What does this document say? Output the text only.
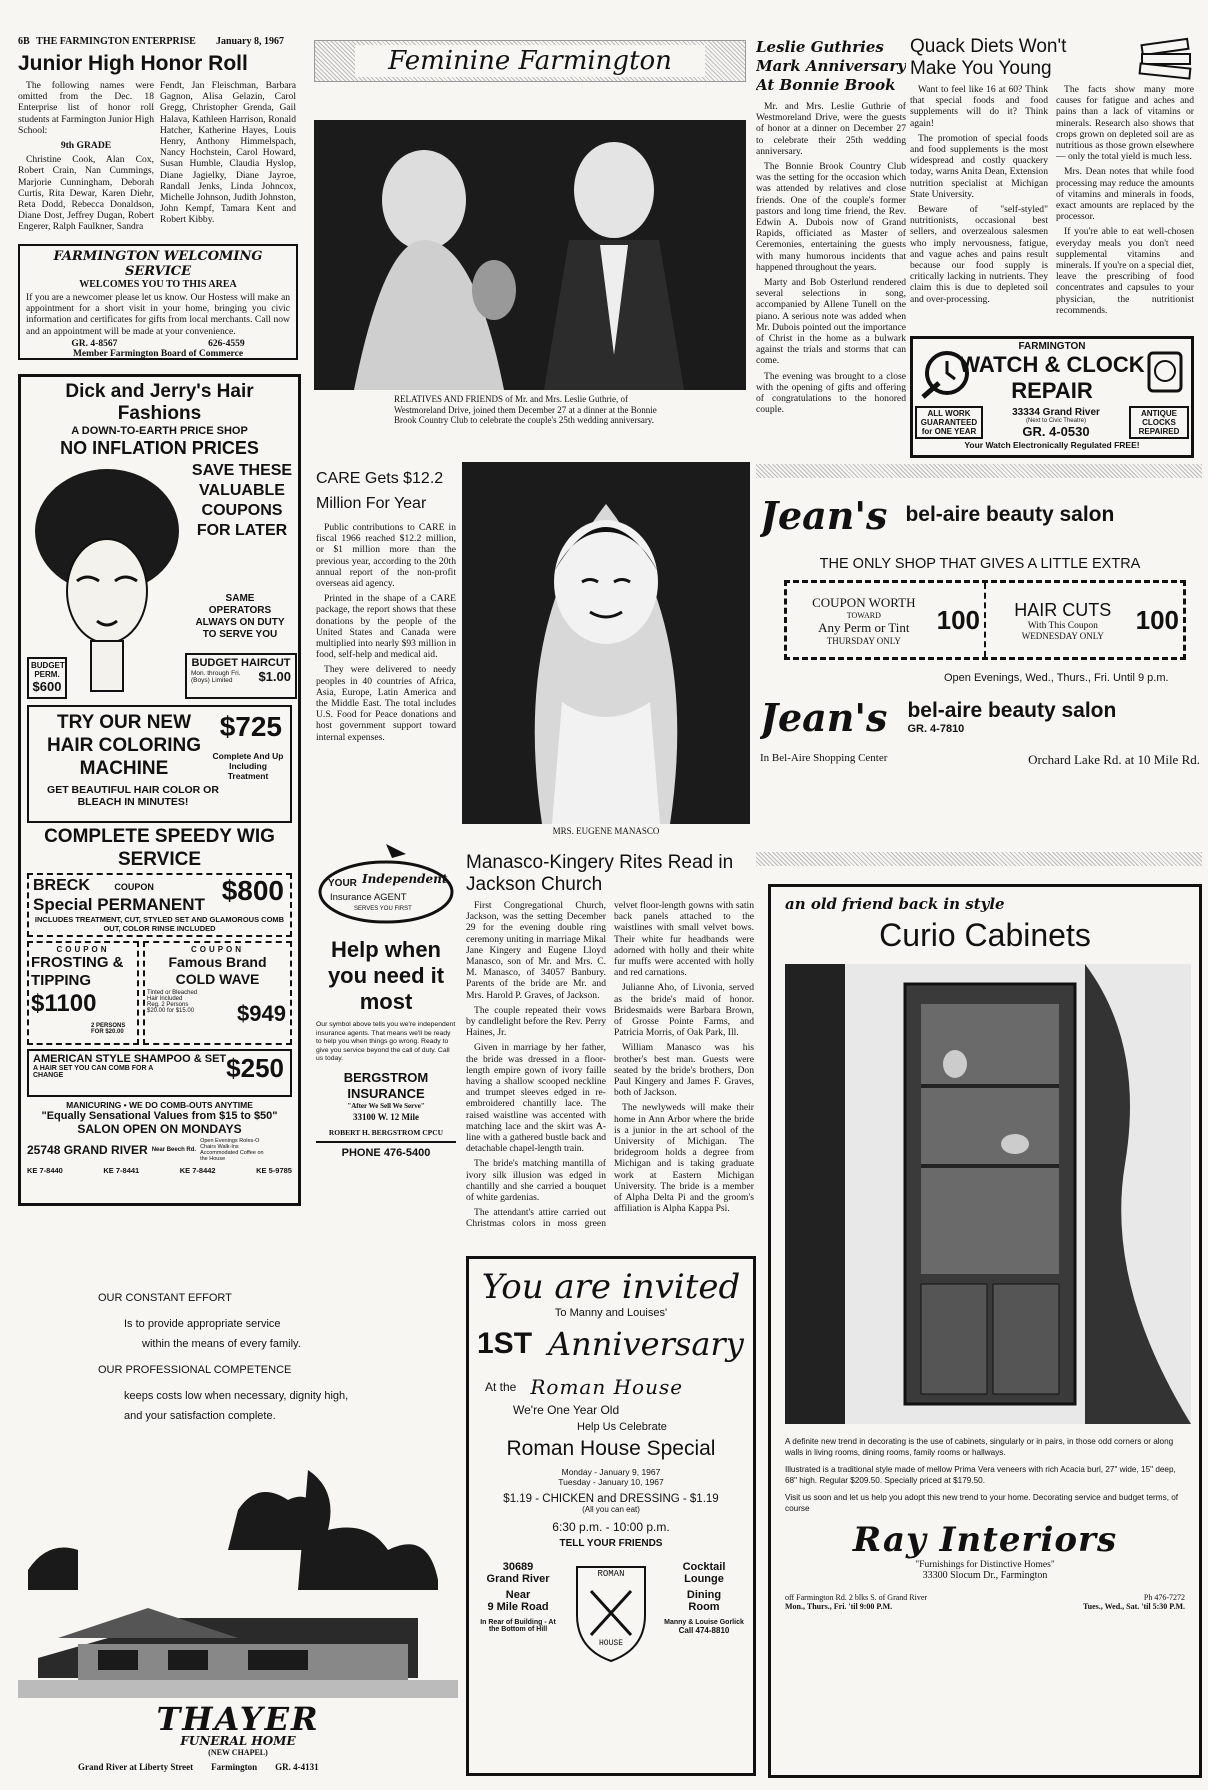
6B THE FARMINGTON ENTERPRISE January 8, 1967
Junior High Honor Roll

The following names were omitted from the Dec. 18 Enterprise list of honor roll students at Farmington Junior High School:

9th GRADE

Christine Cook, Alan Cox, Robert Crain, Nan Cummings, Marjorie Cunningham, Deborah Curtis, Rita Dewar, Karen Diehr, Reta Dodd, Rebecca Donaldson, Diane Dost, Jeffrey Dugan, Robert Engerer, Ralph Faulkner, Sandra

Fendt, Jan Fleischman, Barbara Gagnon, Alisa Gelazin, Carol Gregg, Christopher Grenda, Gail Halava, Kathleen Harrison, Ronald Hatcher, Katherine Hayes, Louis Henry, Anthony Himmelspach, Nancy Hochstein, Carol Howard, Susan Humble, Claudia Hyslop, Diane Jagielky, Diane Jayroe, Randall Jenks, Linda Johncox, Michelle Johnson, Judith Johnston, John Kempf, Tamara Kent and Robert Kibby.

FARMINGTON WELCOMING SERVICE
WELCOMES YOU TO THIS AREA
If you are a newcomer please let us know. Our Hostess will make an appointment for a short visit in your home, bringing you civic information and certificates for gifts from local merchants. Call now and an appointment will be made at your convenience.
GR. 4-8567	626-4559
Member Farmington Board of Commerce
Dick and Jerry's Hair Fashions
A DOWN-TO-EARTH PRICE SHOP
NO INFLATION PRICES
SAVE THESE VALUABLE COUPONS FOR LATER
SAME OPERATORS ALWAYS ON DUTY TO SERVE YOU
BUDGET PERM.
$600
BUDGET HAIRCUT
Mon. through Fri. (Boys) Limited	$1.00
TRY OUR NEW HAIR COLORING MACHINE
$725
Complete And Up Including Treatment
GET BEAUTIFUL HAIR COLOR OR BLEACH IN MINUTES!
COMPLETE SPEEDY WIG SERVICE
BRECK	COUPON
Special PERMANENT $800
INCLUDES TREATMENT, CUT, STYLED SET AND GLAMOROUS COMB OUT, COLOR RINSE INCLUDED
COUPON
FROSTING & TIPPING
$1100
2 PERSONS FOR $20.00
COUPON
Famous Brand COLD WAVE
Tinted or Bleached Hair Included
Reg. 2 Persons $20.00 for $15.00	$949
AMERICAN STYLE SHAMPOO & SET
A HAIR SET YOU CAN COMB FOR A CHANGE	$250
MANICURING • WE DO COMB-OUTS ANYTIME
"Equally Sensational Values from $15 to $50"
SALON OPEN ON MONDAYS
25748 GRAND RIVER Near Beech Rd.
Open Evenings Roles-O Chairs Walk-Ins Accommodated Coffee on the House
KE 7-8440	KE 7-8441	KE 7-8442	KE 5-9785
Feminine Farmington
RELATIVES AND FRIENDS of Mr. and Mrs. Leslie Guthrie, of Westmoreland Drive, joined them December 27 at a dinner at the Bonnie Brook Country Club to celebrate the couple's 25th wedding anniversary.
Leslie Guthries Mark Anniversary At Bonnie Brook

Mr. and Mrs. Leslie Guthrie of Westmoreland Drive, were the guests of honor at a dinner on December 27 to celebrate their 25th wedding anniversary.

The Bonnie Brook Country Club was the setting for the occasion which was attended by relatives and close friends. One of the couple's former pastors and long time friend, the Rev. Edwin A. Dubois now of Grand Rapids, officiated as Master of Ceremonies, entertaining the guests with many humorous incidents that happened throughout the years.

Marty and Bob Osterlund rendered several selections in song, accompanied by Allene Tunell on the piano. A serious note was added when Mr. Dubois pointed out the importance of Christ in the home as a bulwark against the trials and storms that can come.

The evening was brought to a close with the opening of gifts and offering of congratulations to the honored couple.

Quack Diets Won't Make You Young

Want to feel like 16 at 60? Think that special foods and food supplements will do it? Think again!

The promotion of special foods and food supplements is the most widespread and costly quackery today, warns Anita Dean, Extension nutrition specialist at Michigan State University.

Beware of "self-styled" nutritionists, occasional best sellers, and overzealous salesmen who imply nervousness, fatigue, and vague aches and pains result because our food supply is critically lacking in nutrients. They claim this is due to depleted soil and over-processing.

The facts show many more causes for fatigue and aches and pains than a lack of vitamins or minerals. Research also shows that crops grown on depleted soil are as nutritious as those grown elsewhere — only the total yield is much less.

Mrs. Dean notes that while food processing may reduce the amounts of vitamins and minerals in foods, exact amounts are replaced by the processor.

If you're able to eat well-chosen everyday meals you don't need supplemental vitamins and minerals. If you're on a special diet, leave the prescribing of food concentrates and capsules to your physician, the nutritionist recommends.

FARMINGTON
WATCH & CLOCK REPAIR
ALL WORK GUARANTEED for ONE YEAR
33334 Grand River
(Next to Civic Theatre)
GR. 4-0530
ANTIQUE CLOCKS REPAIRED
Your Watch Electronically Regulated FREE!
CARE Gets $12.2 Million For Year

Public contributions to CARE in fiscal 1966 reached $12.2 million, or $1 million more than the previous year, according to the 20th annual report of the non-profit overseas aid agency.

Printed in the shape of a CARE package, the report shows that these donations by the people of the United States and Canada were multiplied into nearly $93 million in food, self-help and medical aid.

They were delivered to needy peoples in 40 countries of Africa, Asia, Europe, Latin America and the Middle East. The total includes U.S. Food for Peace donations and host government support toward internal expenses.

MRS. EUGENE MANASCO
Jean's bel-aire beauty salon
THE ONLY SHOP THAT GIVES A LITTLE EXTRA
COUPON WORTH
TOWARD
Any Perm or Tint
THURSDAY ONLY
100	HAIR CUTS
With This Coupon
WEDNESDAY ONLY
100
Open Evenings, Wed., Thurs., Fri. Until 9 p.m.
Jean's bel-aire beauty salon
GR. 4-7810
In Bel-Aire Shopping Center	Orchard Lake Rd. at 10 Mile Rd.
YOUR Independent
Insurance AGENT
SERVES YOU FIRST
Help when you need it most
Our symbol above tells you we're independent insurance agents. That means we'll be ready to help you when things go wrong. Ready to give you service beyond the call of duty. Call us today.
BERGSTROM INSURANCE
"After We Sell We Serve"
33100 W. 12 Mile
ROBERT H. BERGSTROM CPCU
PHONE 476-5400
Manasco-Kingery Rites Read in Jackson Church

First Congregational Church, Jackson, was the setting December 29 for the evening double ring ceremony uniting in marriage Mikal Jane Kingery and Eugene Lloyd Manasco, son of Mr. and Mrs. C. M. Manasco, of 34057 Banbury. Parents of the bride are Mr. and Mrs. Harold P. Graves, of Jackson.

The couple repeated their vows by candlelight before the Rev. Perry Haines, Jr.

Given in marriage by her father, the bride was dressed in a floor-length empire gown of ivory faille having a shallow scooped neckline and trumpet sleeves edged in re-embroidered chantilly lace. The raised waistline was accented with matching lace and the skirt was A-line with a gathered bustle back and detachable chapel-length train.

The bride's matching mantilla of ivory silk illusion was edged in chantilly and she carried a bouquet of white gardenias.

The attendant's attire carried out Christmas colors in moss green velvet floor-length gowns with satin back panels attached to the waistlines with small velvet bows. Their white fur headbands were adorned with holly and their white fur muffs were accented with holly and red carnations.

Julianne Aho, of Livonia, served as the bride's maid of honor. Bridesmaids were Barbara Brown, of Grosse Pointe Farms, and Patricia Morris, of Oak Park, Ill.

William Manasco was his brother's best man. Guests were seated by the bride's brothers, Don Paul Kingery and James F. Graves, both of Jackson.

The newlyweds will make their home in Ann Arbor where the bride is a junior in the art school of the University of Michigan. The bridegroom holds a degree from Michigan and is taking graduate work at Eastern Michigan University. The bride is a member of Alpha Delta Pi and the groom's affiliation is Alpha Kappa Psi.

You are invited
To Manny and Louises'
1ST Anniversary
At the Roman House
We're One Year Old
Help Us Celebrate
Roman House Special
Monday - January 9, 1967
Tuesday - January 10, 1967
$1.19 - CHICKEN and DRESSING - $1.19
(All you can eat)
6:30 p.m. - 10:00 p.m.
TELL YOUR FRIENDS
30689
Grand River
Near
9 Mile Road
In Rear of Building - At the Bottom of Hill
ROMAN
HOUSE
Cocktail
Lounge
Dining
Room
Manny & Louise Gorlick
Call 474-8810
OUR CONSTANT EFFORT
Is to provide appropriate service
within the means of every family.
OUR PROFESSIONAL COMPETENCE
keeps costs low when necessary, dignity high,
and your satisfaction complete.
THAYER
FUNERAL HOME
(NEW CHAPEL)
Grand River at Liberty Street Farmington GR. 4-4131
an old friend back in style
Curio Cabinets
A definite new trend in decorating is the use of cabinets, singularly or in pairs, in those odd corners or along walls in living rooms, dining rooms, family rooms or hallways.
Illustrated is a traditional style made of mellow Prima Vera veneers with rich Acacia burl, 27" wide, 15" deep, 68" high. Regular $209.50. Specially priced at $179.50.
Visit us soon and let us help you adopt this new trend to your home. Decorating service and budget terms, of course
Ray Interiors
"Furnishings for Distinctive Homes"
33300 Slocum Dr., Farmington
off Farmington Rd. 2 blks S. of Grand River	Ph 476-7272
Mon., Thurs., Fri. 'til 9:00 P.M.	Tues., Wed., Sat. 'til 5:30 P.M.
